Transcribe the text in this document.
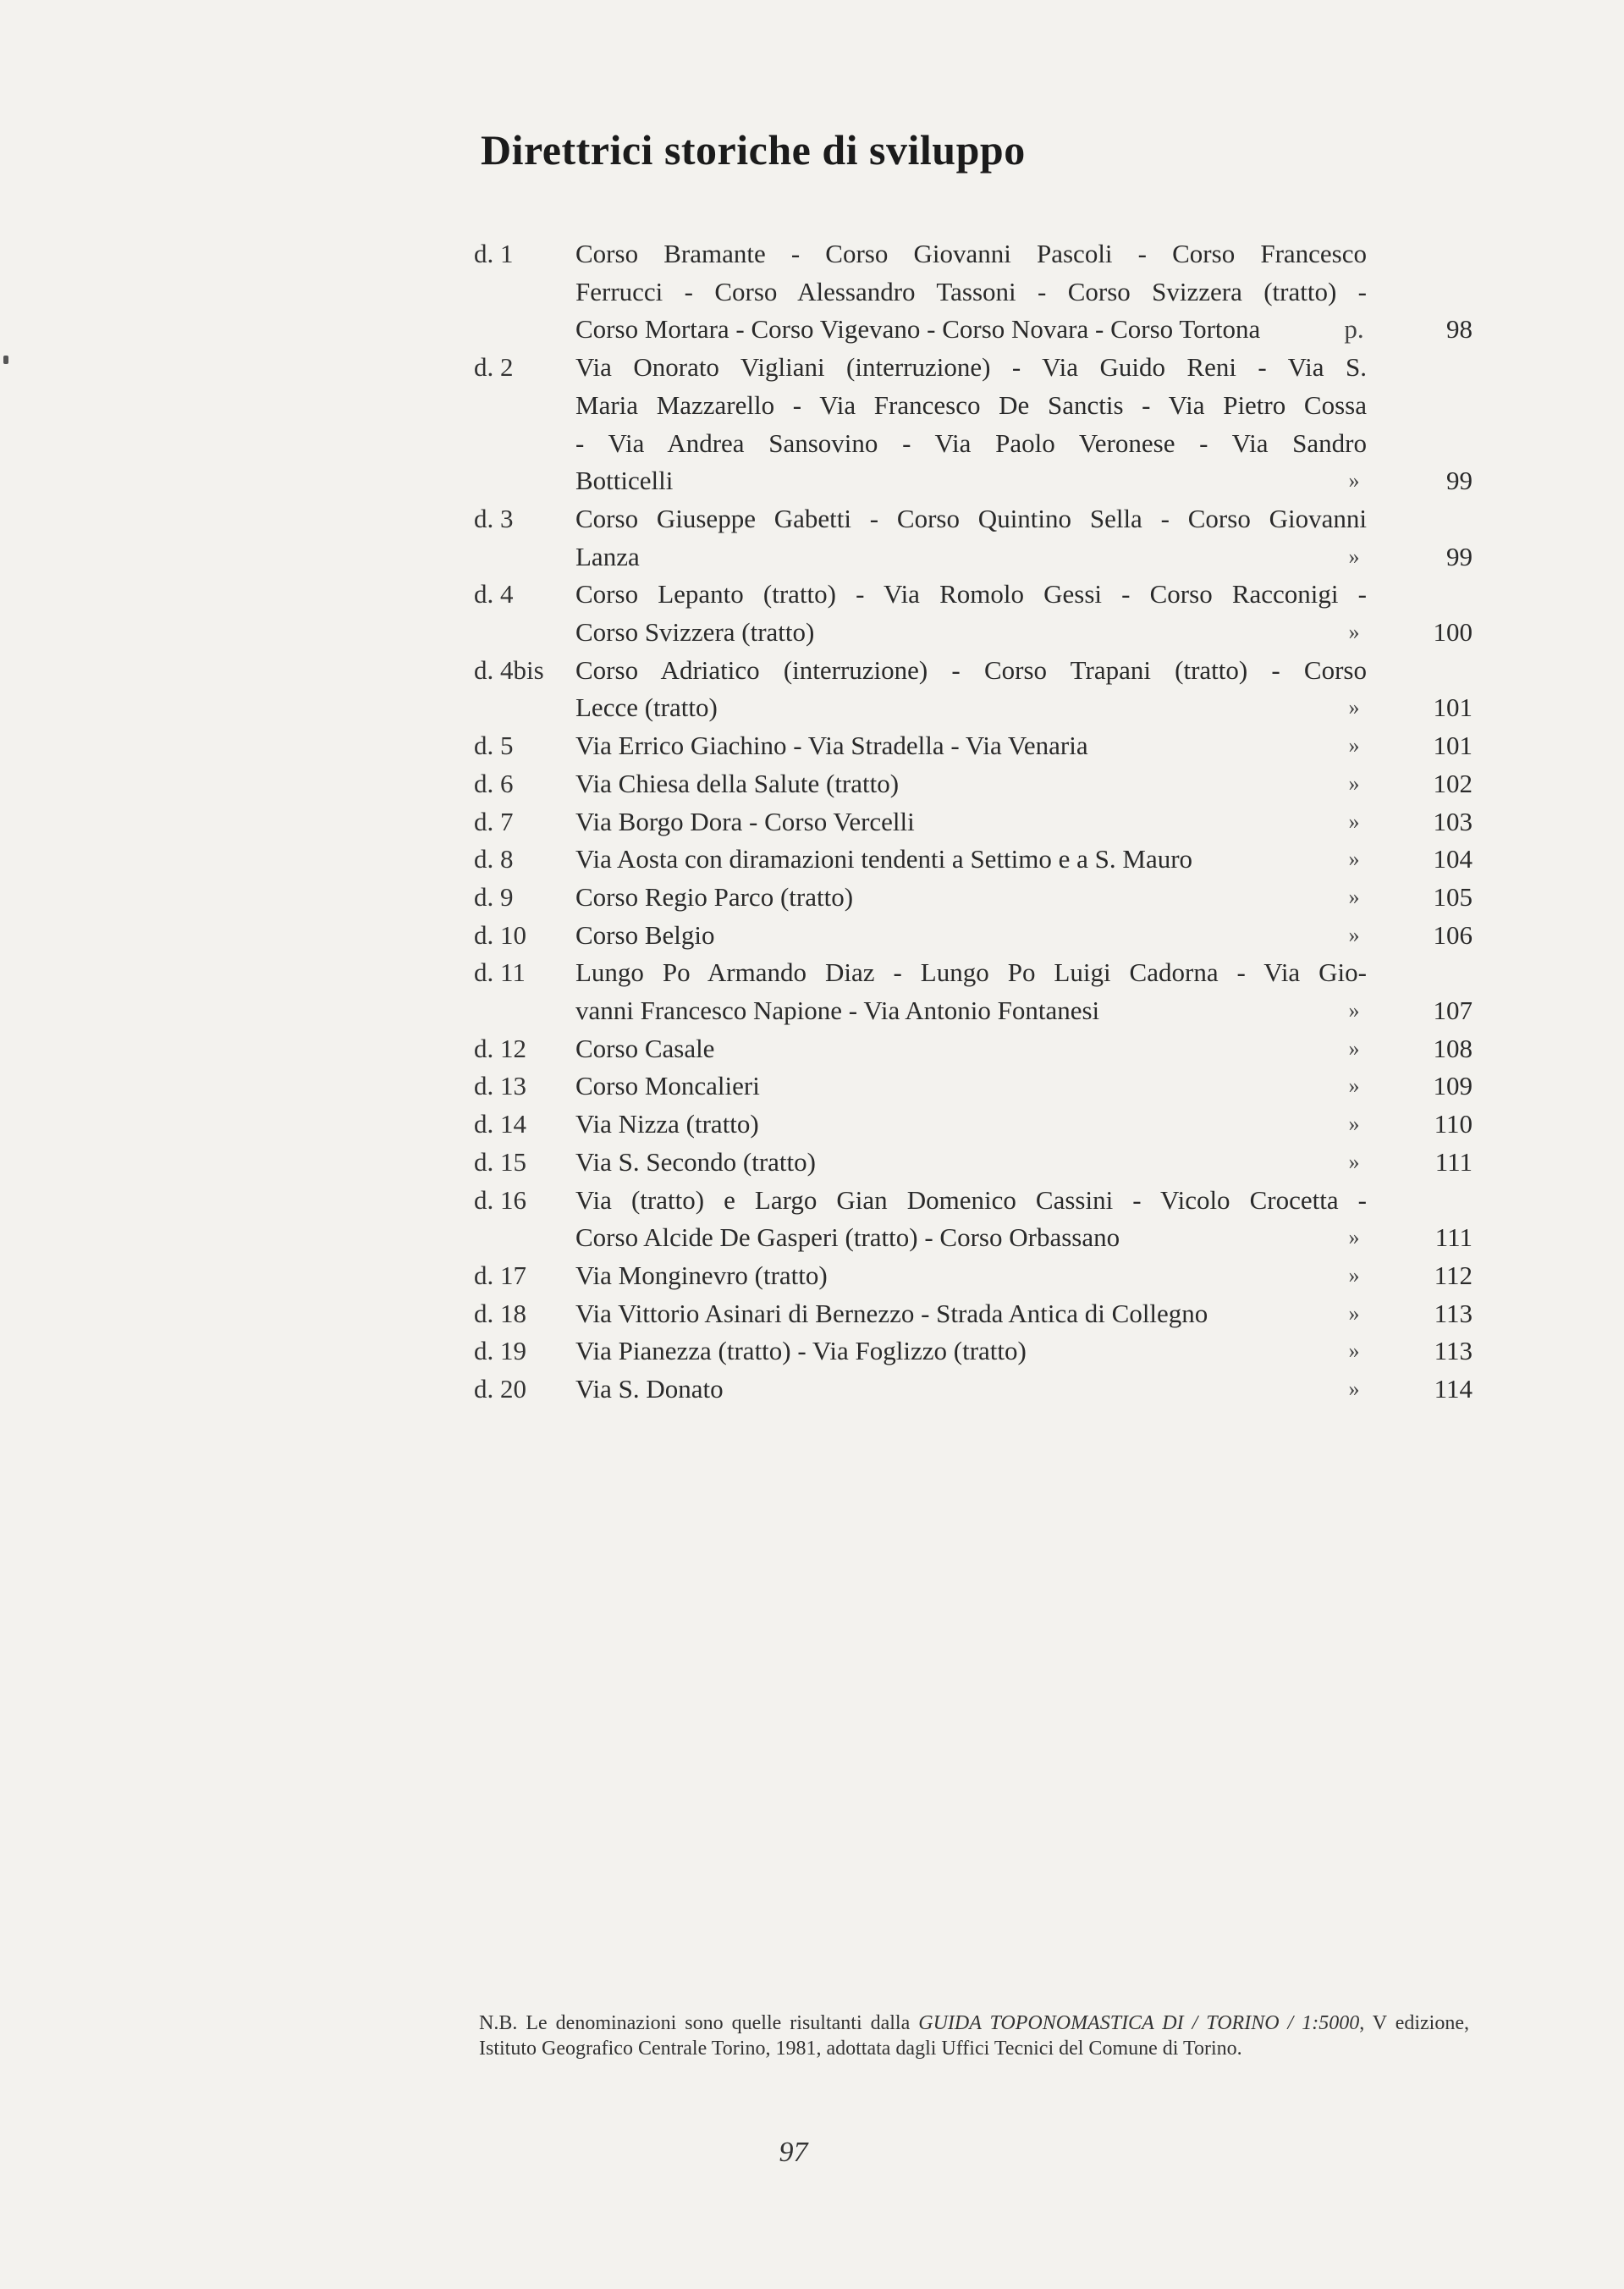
Direttrici storiche di sviluppo
d. 1	Corso Bramante - Corso Giovanni Pascoli - Corso Francesco
Ferrucci - Corso Alessandro Tassoni - Corso Svizzera (tratto) -
Corso Mortara - Corso Vigevano - Corso Novara - Corso Tortona

	p.	98
d. 2	Via Onorato Vigliani (interruzione) - Via Guido Reni - Via S.
Maria Mazzarello - Via Francesco De Sanctis - Via Pietro Cossa
- Via Andrea Sansovino - Via Paolo Veronese - Via Sandro
Botticelli

	»	99
d. 3	Corso Giuseppe Gabetti - Corso Quintino Sella - Corso Giovanni
Lanza
	»	99
d. 4	Corso Lepanto (tratto) - Via Romolo Gessi - Corso Racconigi -
Corso Svizzera (tratto)
	»	100
d. 4bis	Corso Adriatico (interruzione) - Corso Trapani (tratto) - Corso
Lecce (tratto)
	»	101
d. 5	Via Errico Giachino - Via Stradella - Via Venaria	»	101
d. 6	Via Chiesa della Salute (tratto)	»	102
d. 7	Via Borgo Dora - Corso Vercelli	»	103
d. 8	Via Aosta con diramazioni tendenti a Settimo e a S. Mauro	»	104
d. 9	Corso Regio Parco (tratto)	»	105
d. 10	Corso Belgio	»	106
d. 11	Lungo Po Armando Diaz - Lungo Po Luigi Cadorna - Via Gio-
vanni Francesco Napione - Via Antonio Fontanesi
	»	107
d. 12	Corso Casale	»	108
d. 13	Corso Moncalieri	»	109
d. 14	Via Nizza (tratto)	»	110
d. 15	Via S. Secondo (tratto)	»	111
d. 16	Via (tratto) e Largo Gian Domenico Cassini - Vicolo Crocetta -
Corso Alcide De Gasperi (tratto) - Corso Orbassano
	»	111
d. 17	Via Monginevro (tratto)	»	112
d. 18	Via Vittorio Asinari di Bernezzo - Strada Antica di Collegno	»	113
d. 19	Via Pianezza (tratto) - Via Foglizzo (tratto)	»	113
d. 20	Via S. Donato	»	114
N.B. Le denominazioni sono quelle risultanti dalla GUIDA TOPONOMASTICA DI / TORINO / 1:5000, V edizione, Istituto Geografico Centrale Torino, 1981, adottata dagli Uffici Tecnici del Comune di Torino.
97
